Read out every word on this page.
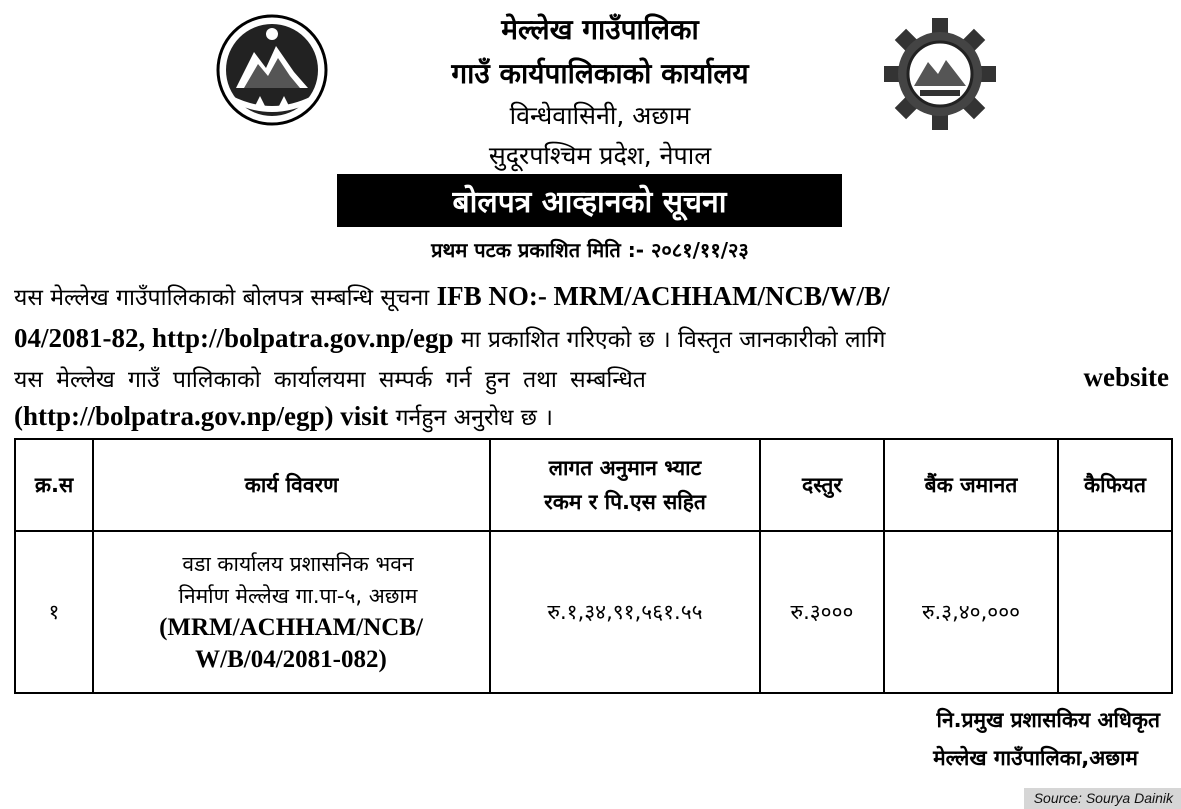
मेल्लेख गाउँपालिका
गाउँ कार्यपालिकाको कार्यालय
विन्धेवासिनी, अछाम
सुदूरपश्चिम प्रदेश, नेपाल
बोलपत्र आव्हानको सूचना
प्रथम पटक प्रकाशित मिति :- २०८१/११/२३
यस मेल्लेख गाउँपालिकाको बोलपत्र सम्बन्धि सूचना IFB NO:- MRM/ACHHAM/NCB/W/B/
04/2081-82, http://bolpatra.gov.np/egp मा प्रकाशित गरिएको छ । विस्तृत जानकारीको लागि
यस मेल्लेख गाउँ पालिकाको कार्यालयमा सम्पर्क गर्न हुन तथा सम्बन्धित	website
(http://bolpatra.gov.np/egp) visit गर्नहुन अनुरोध छ ।
क्र.स	कार्य विवरण	लागत अनुमान भ्याट
रकम र पि.एस सहित	दस्तुर	बैंक जमानत	कैफियत
१	वडा कार्यालय प्रशासनिक भवन
निर्माण मेल्लेख गा.पा-५, अछाम
(MRM/ACHHAM/NCB/
W/B/04/2081-082)	रु.१,३४,९१,५६१.५५	रु.३०००	रु.३,४०,०००	
नि.प्रमुख प्रशासकिय अधिकृत
मेल्लेख गाउँपालिका,अछाम
Source: Sourya Dainik
